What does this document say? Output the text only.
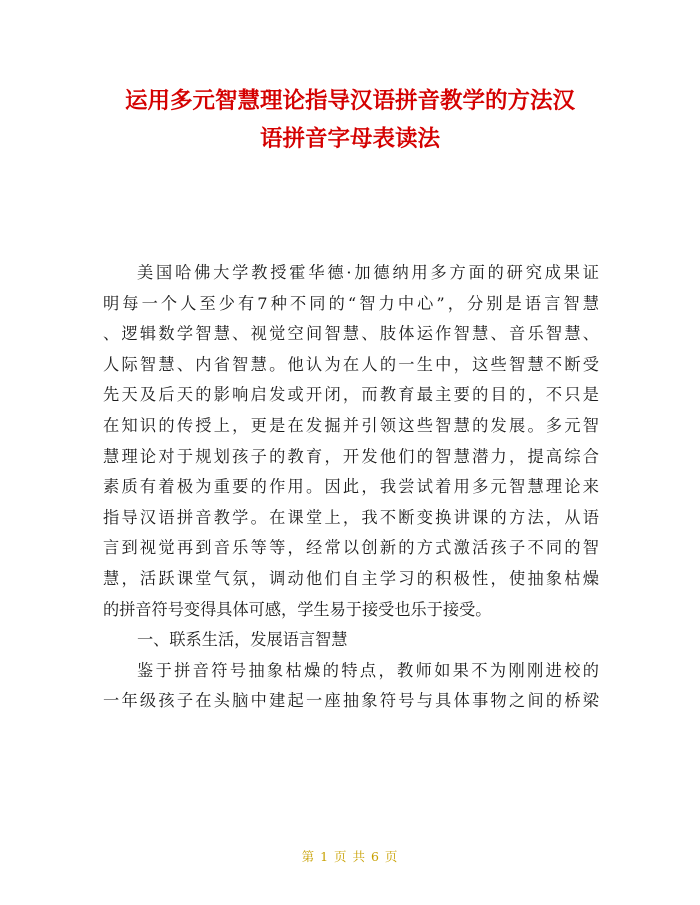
运用多元智慧理论指导汉语拼音教学的方法汉
语拼音字母表读法
美国哈佛大学教授霍华德·加德纳用多方面的研究成果证
明每一个人至少有7种不同的“智力中心”，分别是语言智慧
、逻辑数学智慧、视觉空间智慧、肢体运作智慧、音乐智慧、
人际智慧、内省智慧。他认为在人的一生中，这些智慧不断受
先天及后天的影响启发或开闭，而教育最主要的目的，不只是
在知识的传授上，更是在发掘并引领这些智慧的发展。多元智
慧理论对于规划孩子的教育，开发他们的智慧潜力，提高综合
素质有着极为重要的作用。因此，我尝试着用多元智慧理论来
指导汉语拼音教学。在课堂上，我不断变换讲课的方法，从语
言到视觉再到音乐等等，经常以创新的方式激活孩子不同的智
慧，活跃课堂气氛，调动他们自主学习的积极性，使抽象枯燥
的拼音符号变得具体可感，学生易于接受也乐于接受。
一、联系生活，发展语言智慧
鉴于拼音符号抽象枯燥的特点，教师如果不为刚刚进校的
一年级孩子在头脑中建起一座抽象符号与具体事物之间的桥梁
第 1 页 共 6 页
